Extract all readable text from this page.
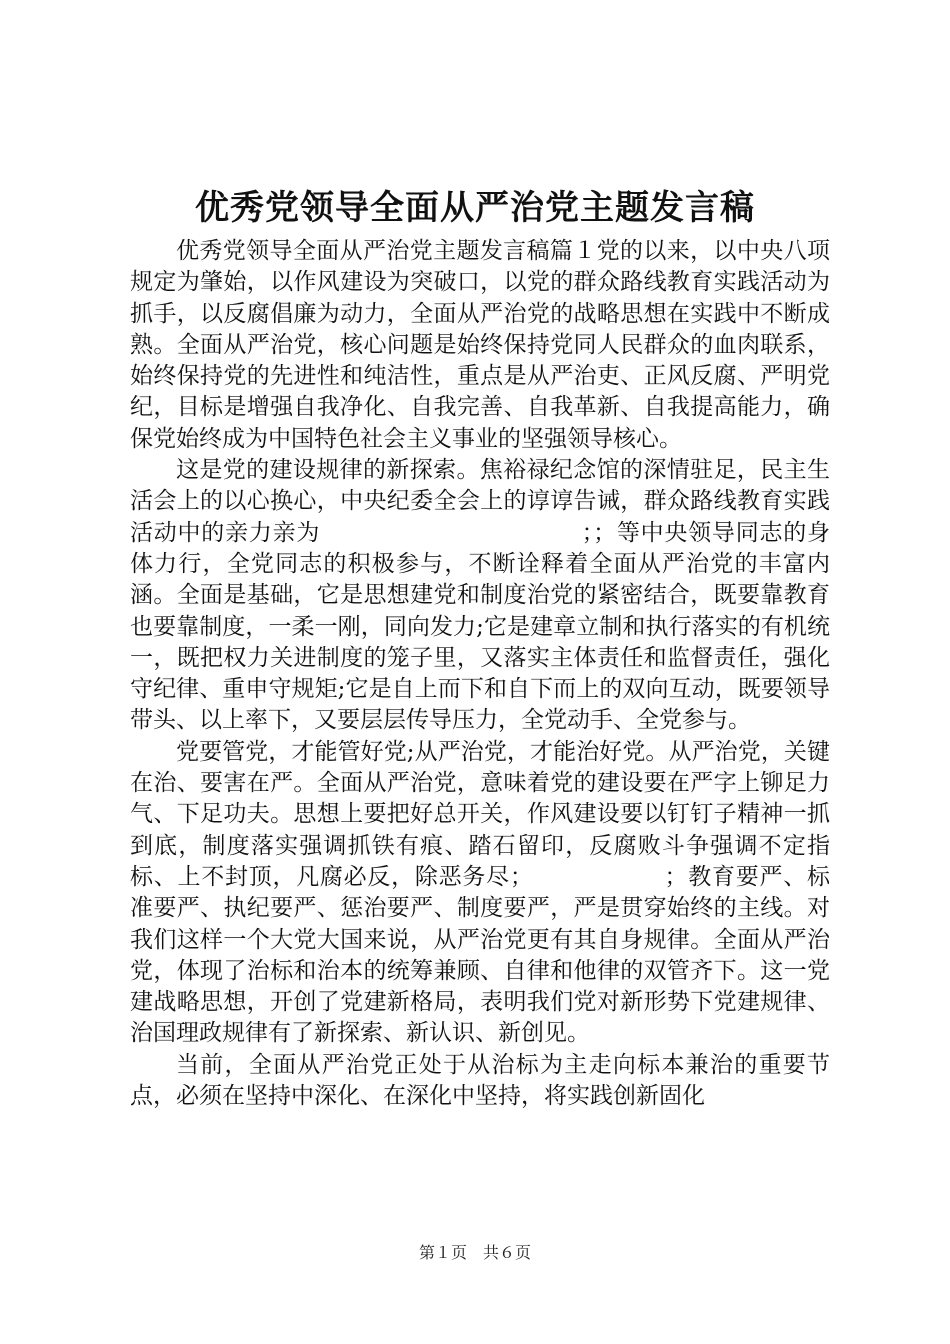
优秀党领导全面从严治党主题发言稿

优秀党领导全面从严治党主题发言稿篇１党的以来，以中央八项规定为肇始，以作风建设为突破口，以党的群众路线教育实践活动为抓手，以反腐倡廉为动力，全面从严治党的战略思想在实践中不断成熟。全面从严治党，核心问题是始终保持党同人民群众的血肉联系，始终保持党的先进性和纯洁性，重点是从严治吏、正风反腐、严明党纪，目标是增强自我净化、自我完善、自我革新、自我提高能力，确保党始终成为中国特色社会主义事业的坚强领导核心。

这是党的建设规律的新探索。焦裕禄纪念馆的深情驻足，民主生活会上的以心换心，中央纪委全会上的谆谆告诫，群众路线教育实践活动中的亲力亲为　　　　　　　　　　　；；等中央领导同志的身体力行，全党同志的积极参与，不断诠释着全面从严治党的丰富内涵。全面是基础，它是思想建党和制度治党的紧密结合，既要靠教育也要靠制度，一柔一刚，同向发力;它是建章立制和执行落实的有机统一，既把权力关进制度的笼子里，又落实主体责任和监督责任，强化守纪律、重申守规矩;它是自上而下和自下而上的双向互动，既要领导带头、以上率下，又要层层传导压力，全党动手、全党参与。

党要管党，才能管好党;从严治党，才能治好党。从严治党，关键在治、要害在严。全面从严治党，意味着党的建设要在严字上铆足力气、下足功夫。思想上要把好总开关，作风建设要以钉钉子精神一抓到底，制度落实强调抓铁有痕、踏石留印，反腐败斗争强调不定指标、上不封顶，凡腐必反，除恶务尽；　　　　　　；教育要严、标准要严、执纪要严、惩治要严、制度要严，严是贯穿始终的主线。对我们这样一个大党大国来说，从严治党更有其自身规律。全面从严治党，体现了治标和治本的统筹兼顾、自律和他律的双管齐下。这一党建战略思想，开创了党建新格局，表明我们党对新形势下党建规律、治国理政规律有了新探索、新认识、新创见。

当前，全面从严治党正处于从治标为主走向标本兼治的重要节点，必须在坚持中深化、在深化中坚持，将实践创新固化

第１页　共６页
